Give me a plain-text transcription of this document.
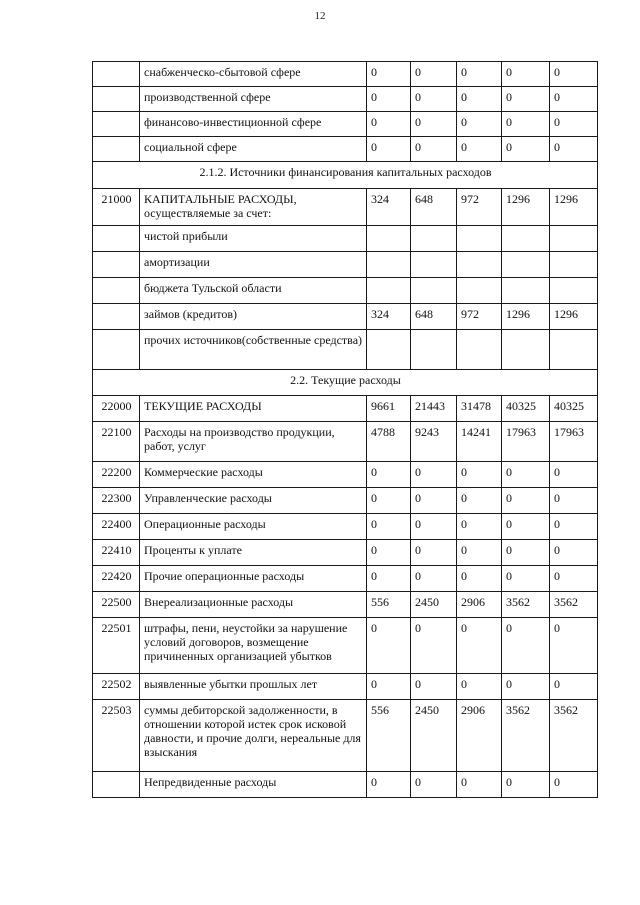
12
	снабженческо-сбытовой сфере	0	0	0	0	0
	производственной сфере	0	0	0	0	0
	финансово-инвестиционной сфере	0	0	0	0	0
	социальной сфере	0	0	0	0	0
2.1.2. Источники финансирования капитальных расходов						
21000	КАПИТАЛЬНЫЕ РАСХОДЫ, осуществляемые за счет:	324	648	972	1296	1296
	чистой прибыли					
	амортизации					
	бюджета Тульской области					
	займов (кредитов)	324	648	972	1296	1296
	прочих источников(собственные средства)					
2.2. Текущие расходы						
22000	ТЕКУЩИЕ РАСХОДЫ	9661	21443	31478	40325	40325
22100	Расходы на производство продукции, работ, услуг	4788	9243	14241	17963	17963
22200	Коммерческие расходы	0	0	0	0	0
22300	Управленческие расходы	0	0	0	0	0
22400	Операционные расходы	0	0	0	0	0
22410	Проценты к уплате	0	0	0	0	0
22420	Прочие операционные расходы	0	0	0	0	0
22500	Внереализационные расходы	556	2450	2906	3562	3562
22501	штрафы, пени, неустойки за нарушение условий договоров, возмещение причиненных организацией убытков	0	0	0	0	0
22502	выявленные убытки прошлых лет	0	0	0	0	0
22503	суммы дебиторской задолженности, в отношении которой истек срок исковой давности, и прочие долги, нереальные для взыскания	556	2450	2906	3562	3562
	Непредвиденные расходы	0	0	0	0	0
